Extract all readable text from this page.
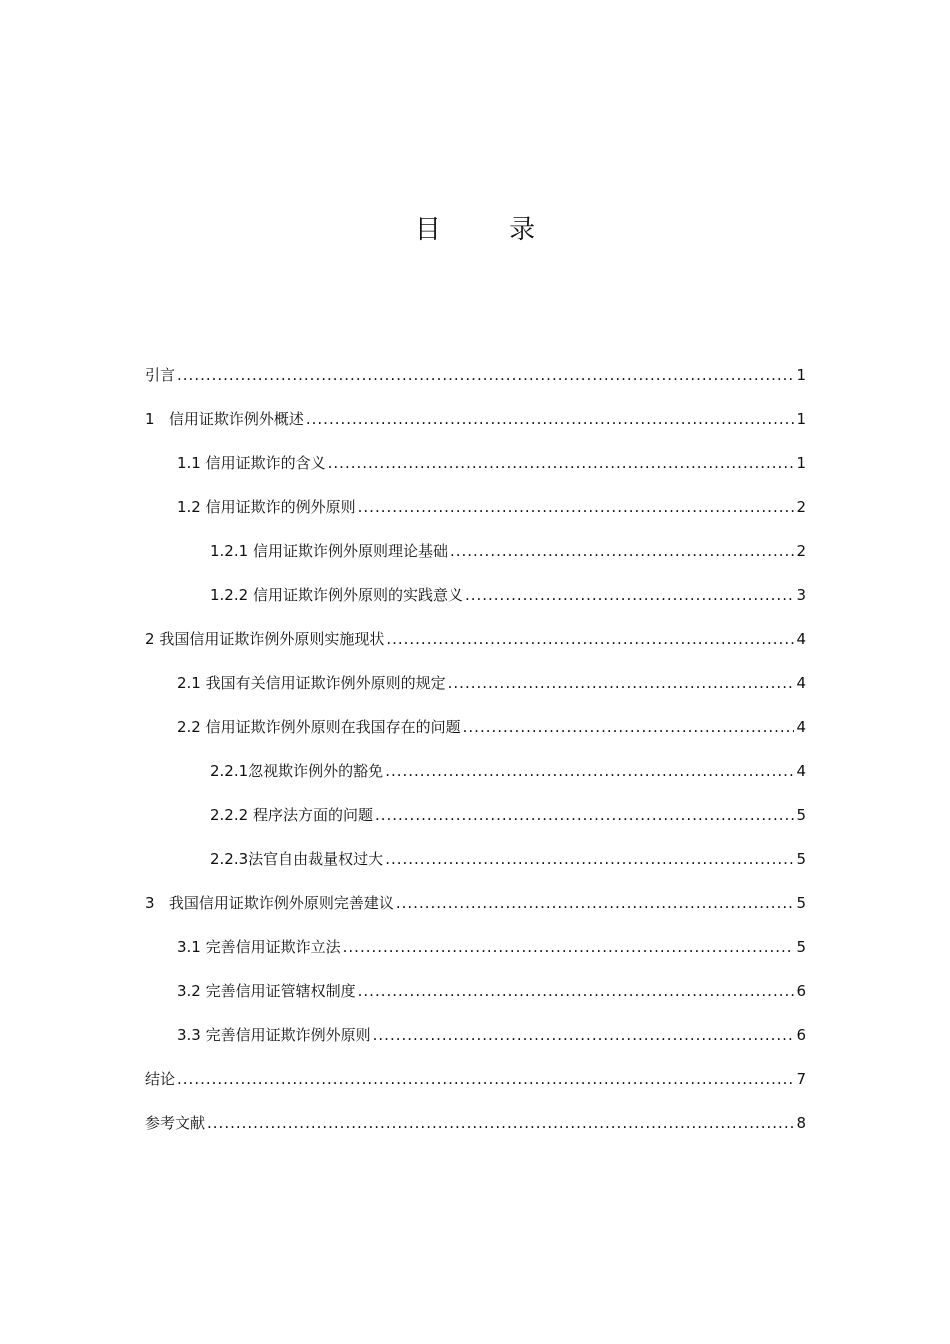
目 录
引言 .....	1
1 信用证欺诈例外概述 .....	1
1.1 信用证欺诈的含义 .....	1
1.2 信用证欺诈的例外原则 .....	2
1.2.1 信用证欺诈例外原则理论基础 .....	2
1.2.2 信用证欺诈例外原则的实践意义 .....	3
2 我国信用证欺诈例外原则实施现状 .....	4
2.1 我国有关信用证欺诈例外原则的规定 .....	4
2.2 信用证欺诈例外原则在我国存在的问题 .....	4
2.2.1 忽视欺诈例外的豁免 .....	4
2.2.2 程序法方面的问题 .....	5
2.2.3 法官自由裁量权过大 .....	5
3 我国信用证欺诈例外原则完善建议 .....	5
3.1 完善信用证欺诈立法 .....	5
3.2 完善信用证管辖权制度 .....	6
3.3 完善信用证欺诈例外原则 .....	6
结论 .....	7
参考文献 .....	8
